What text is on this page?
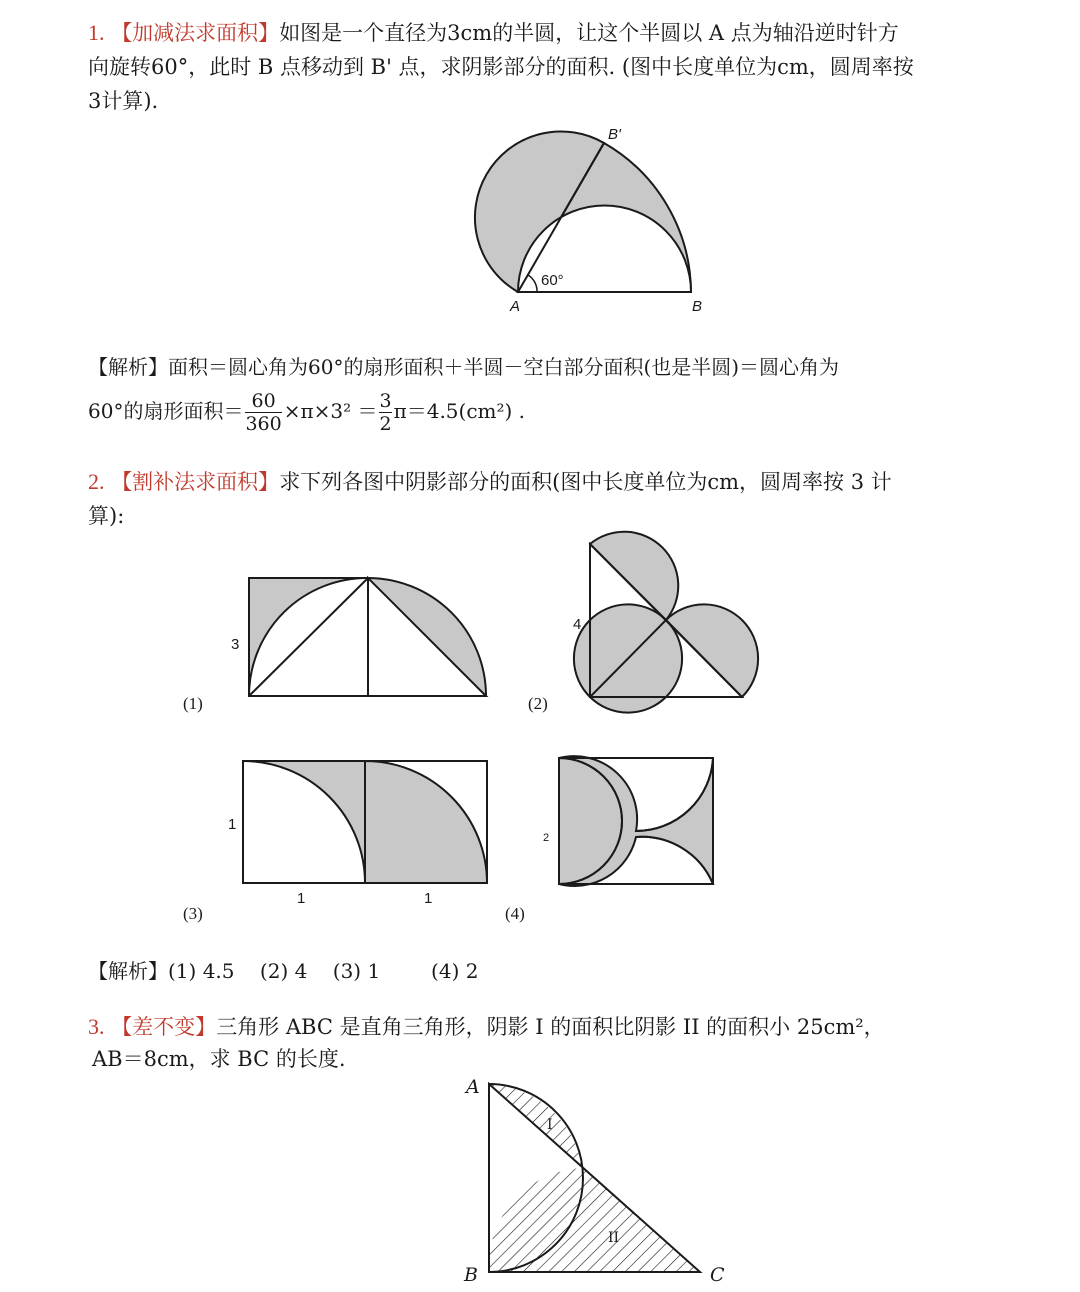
1. 【加减法求面积】如图是一个直径为3cm的半圆，让这个半圆以 A 点为轴沿逆时针方
向旋转60°，此时 B 点移动到 B' 点，求阴影部分的面积. (图中长度单位为cm，圆周率按
3计算).
A	B
B'
60°
【解析】面积＝圆心角为60°的扇形面积＋半圆－空白部分面积(也是半圆)＝圆心角为
60°的扇形面积＝ $\frac{60}{360} \times\pi\times 3^2 = \frac{3}{2} \pi=4.5(cm^2)$ .
2. 【割补法求面积】求下列各图中阴影部分的面积(图中长度单位为cm，圆周率按 3 计
算):
3
(1)
4
(2)
1
1	1
(3)
2
(4)
【解析】(1) 4.5    (2) 4    (3) 1        (4) 2
3. 【差不变】三角形 ABC 是直角三角形，阴影 I 的面积比阴影 II 的面积小 25cm²，
AB＝8cm，求 BC 的长度.
A
B	C
I
II
